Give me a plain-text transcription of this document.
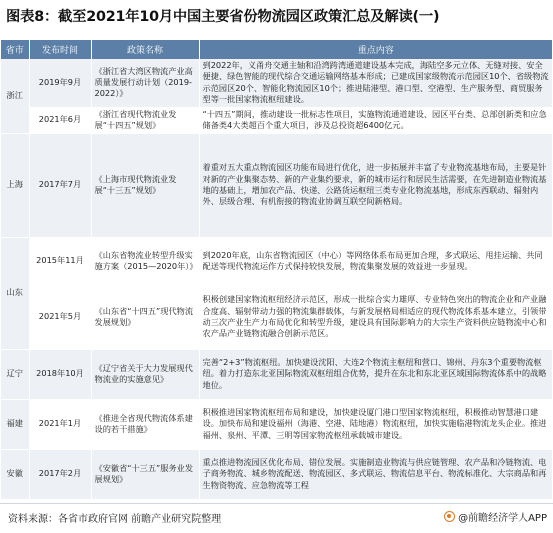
图表8：截至2021年10月中国主要省份物流园区政策汇总及解读(一)
省市	发布时间	政策名称	重点内容
浙江	2019年9月	《浙江省大湾区物流产业高质量发展行动计划（2019-2022）》	到2022年，义甬舟交通主轴和沿湾跨湾通道建设基本完成，海陆空多元立体、无缝对接、安全便捷、绿色智能的现代综合交通运输网络基本形成；已建成国家级物流示范园区10个、省级物流示范园区20个、智能化物流园区10个；推进陆港型、港口型、空港型、生产服务型、商贸服务型等一批国家物流枢纽建设。
	2021年6月	《浙江省现代物流业发展“十四五”规划》	“十四五”期间，推动建设一批标志性项目，实施物流通道建设、园区平台类、总部创新类和应急储备类4大类超百个重大项目，涉及总投资超6400亿元。
上海	2017年7月	《上海市现代物流业发展“十三五”规划》	着重对五大重点物流园区功能布局进行优化，进一步拓展并丰富了专业物流基地布局，主要是针对新的产业集聚态势、新的产业集约要求，新的城市运行和居民生活需要，在先进制造业物流基地的基础上，增加农产品、快递、公路货运枢纽三类专业化物流基地，形成东西联动、辐射内外、层级合理、有机衔接的物流业协调互联空间新格局。
山东	2015年11月	《山东省物流业转型升级实施方案（2015—2020年）》	到2020年底，山东省物流园区（中心）等网络体系布局更加合理，多式联运、甩挂运输、共同配送等现代物流运作方式保持较快发展，物流集聚发展的效益进一步显现。
	2021年5月	《山东省“十四五”现代物流发展规划》	积极创建国家物流枢纽经济示范区，形成一批综合实力雄厚、专业特色突出的物流企业和产业融合度高、辐射带动力强的物流集群载体，与新发展格局相适应的现代物流体系基本建立，引领带动三次产业生产力布局优化和转型升级，建设具有国际影响力的大宗生产资料供应链物流中心和农产品产业链物流融合创新示范区。
辽宁	2018年10月	《辽宁省关于大力发展现代物流业的实施意见》	完善“2+3”物流枢纽。加快建设沈阳、大连2个物流主枢纽和营口、锦州、丹东3个重要物流枢纽。着力打造东北亚国际物流双枢纽组合优势，提升在东北和东北亚区域国际物流体系中的战略地位。
福建	2021年1月	《推进全省现代物流体系建设的若干措施》	积极推进国家物流枢纽布局和建设，加快建设厦门港口型国家物流枢纽，积极推动智慧港口建设。加快布局和建设福州（海港、空港、陆地港）物流枢纽，加快实施临港物流龙头企业。推进福州、泉州、平潭、三明等国家物流枢纽承载城市建设。
安徽	2017年2月	《安徽省“十三五”服务业发展规划》	重点推进物流园区优化布局、错位发展。实施制造业物流与供应链管理、农产品和冷链物流、电子商务物流、城乡物流配送、物流园区、多式联运、物流信息平台、物流标准化、大宗商品和再生物资物流、应急物流等工程
资料来源：各省市政府官网 前瞻产业研究院整理	@前瞻经济学人APP
